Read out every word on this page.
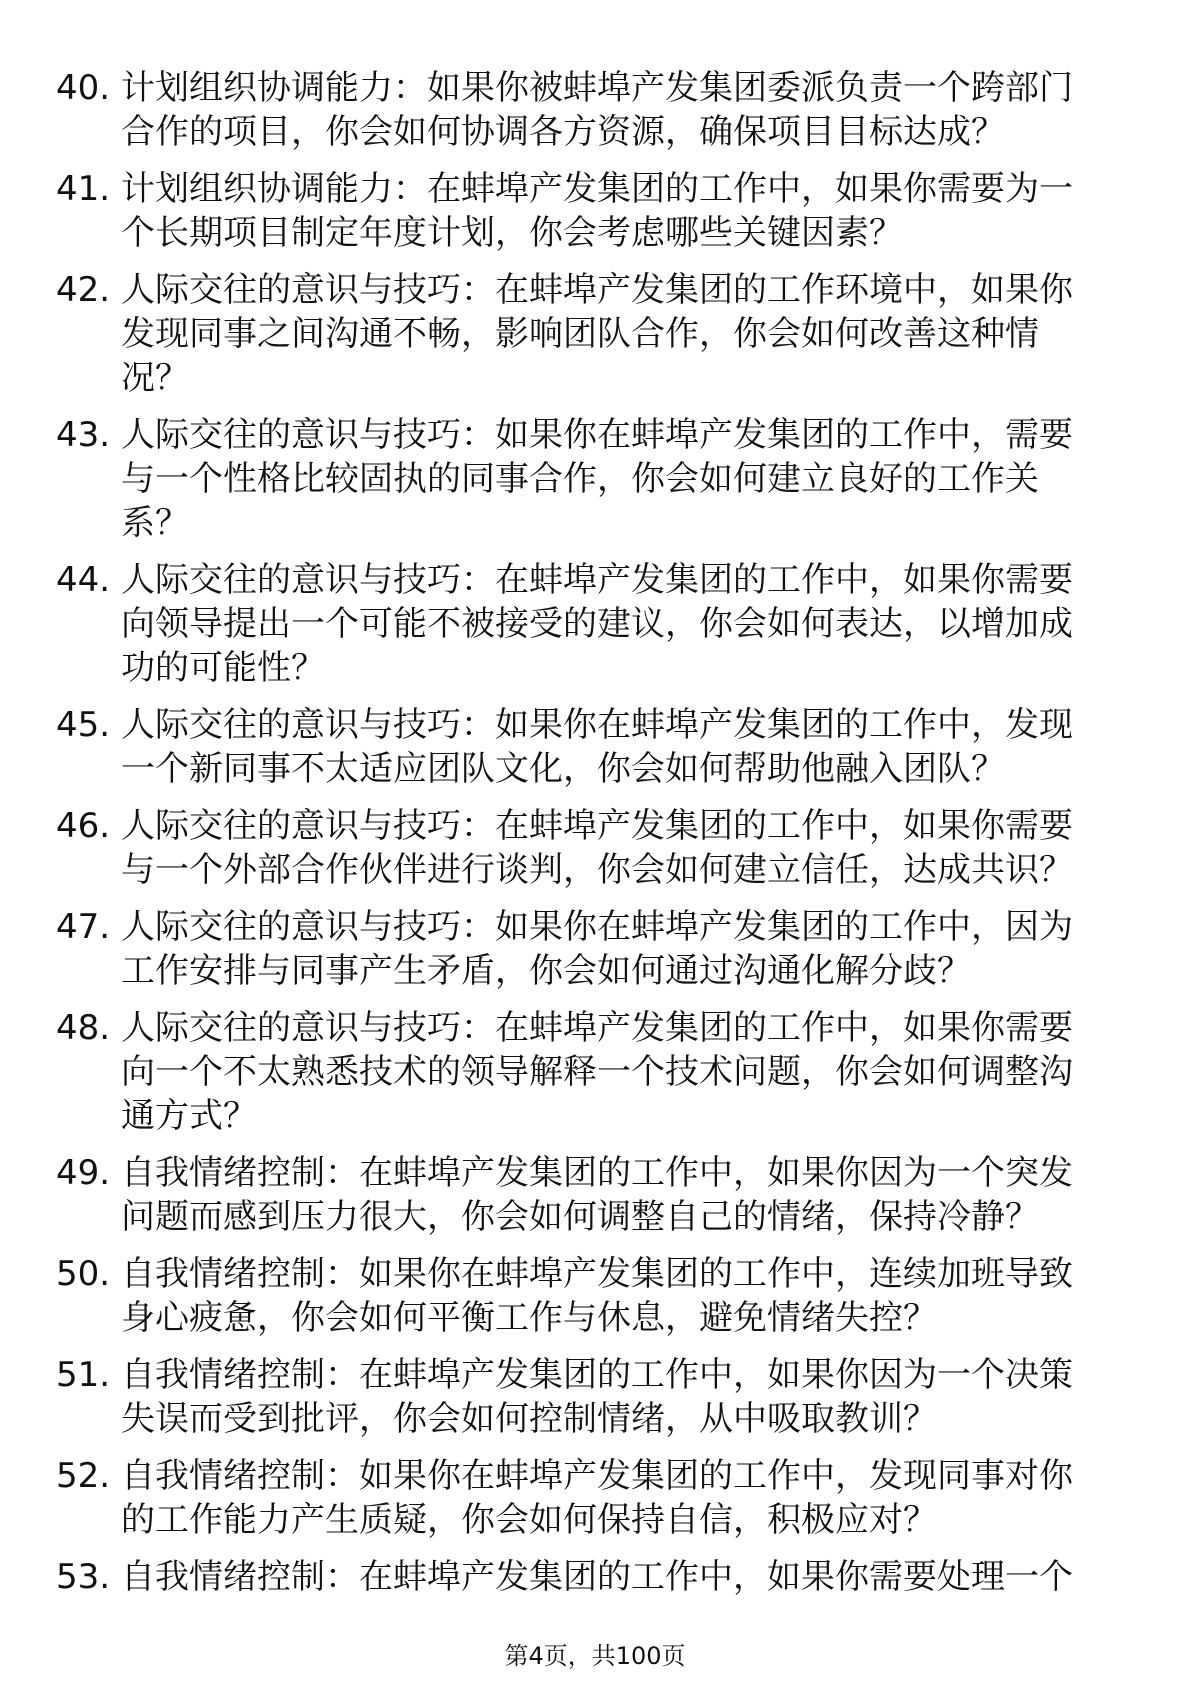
40. 计划组织协调能力：如果你被蚌埠产发集团委派负责一个跨部门合作的项目，你会如何协调各方资源，确保项目目标达成？
41. 计划组织协调能力：在蚌埠产发集团的工作中，如果你需要为一个长期项目制定年度计划，你会考虑哪些关键因素？
42. 人际交往的意识与技巧：在蚌埠产发集团的工作环境中，如果你发现同事之间沟通不畅，影响团队合作，你会如何改善这种情况？
43. 人际交往的意识与技巧：如果你在蚌埠产发集团的工作中，需要与一个性格比较固执的同事合作，你会如何建立良好的工作关系？
44. 人际交往的意识与技巧：在蚌埠产发集团的工作中，如果你需要向领导提出一个可能不被接受的建议，你会如何表达，以增加成功的可能性？
45. 人际交往的意识与技巧：如果你在蚌埠产发集团的工作中，发现一个新同事不太适应团队文化，你会如何帮助他融入团队？
46. 人际交往的意识与技巧：在蚌埠产发集团的工作中，如果你需要与一个外部合作伙伴进行谈判，你会如何建立信任，达成共识？
47. 人际交往的意识与技巧：如果你在蚌埠产发集团的工作中，因为工作安排与同事产生矛盾，你会如何通过沟通化解分歧？
48. 人际交往的意识与技巧：在蚌埠产发集团的工作中，如果你需要向一个不太熟悉技术的领导解释一个技术问题，你会如何调整沟通方式？
49. 自我情绪控制：在蚌埠产发集团的工作中，如果你因为一个突发问题而感到压力很大，你会如何调整自己的情绪，保持冷静？
50. 自我情绪控制：如果你在蚌埠产发集团的工作中，连续加班导致身心疲惫，你会如何平衡工作与休息，避免情绪失控？
51. 自我情绪控制：在蚌埠产发集团的工作中，如果你因为一个决策失误而受到批评，你会如何控制情绪，从中吸取教训？
52. 自我情绪控制：如果你在蚌埠产发集团的工作中，发现同事对你的工作能力产生质疑，你会如何保持自信，积极应对？
53. 自我情绪控制：在蚌埠产发集团的工作中，如果你需要处理一个
第4页，共100页
